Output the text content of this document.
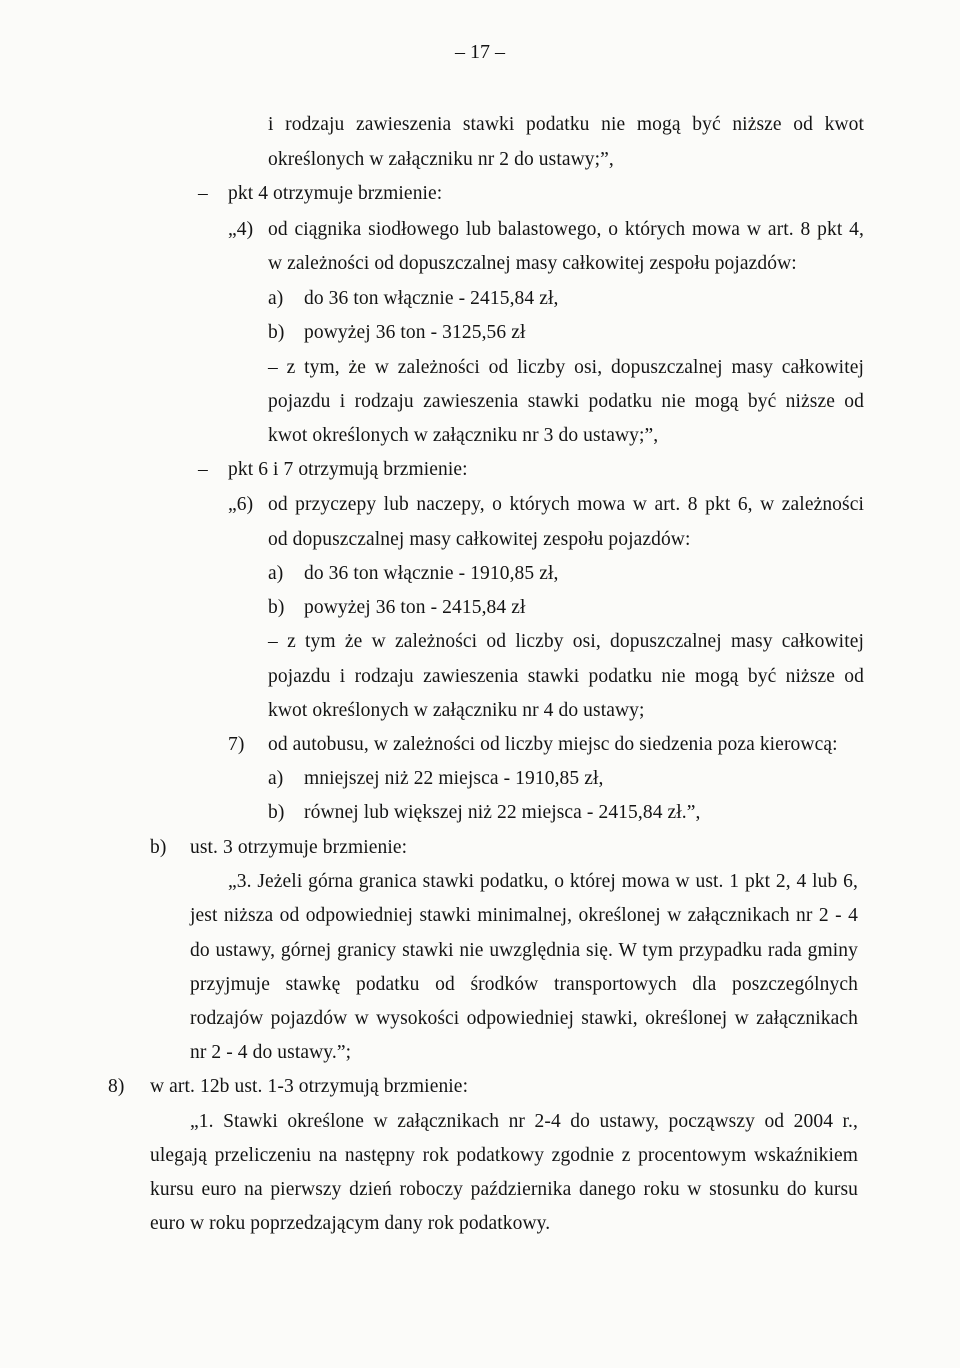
– 17 –
i rodzaju zawieszenia stawki podatku nie mogą być niższe od kwot
określonych w załączniku nr 2 do ustawy;”,
– pkt 4 otrzymuje brzmienie:
„4) od ciągnika siodłowego lub balastowego, o których mowa w art. 8 pkt 4,
w zależności od dopuszczalnej masy całkowitej zespołu pojazdów:
a) do 36 ton włącznie - 2415,84 zł,
b) powyżej 36 ton - 3125,56 zł
– z tym, że w zależności od liczby osi, dopuszczalnej masy całkowitej
pojazdu i rodzaju zawieszenia stawki podatku nie mogą być niższe od
kwot określonych w załączniku nr 3 do ustawy;”,
– pkt 6 i 7 otrzymują brzmienie:
„6) od przyczepy lub naczepy, o których mowa w art. 8 pkt 6, w zależności
od dopuszczalnej masy całkowitej zespołu pojazdów:
a) do 36 ton włącznie - 1910,85 zł,
b) powyżej 36 ton - 2415,84 zł
– z tym że w zależności od liczby osi, dopuszczalnej masy całkowitej
pojazdu i rodzaju zawieszenia stawki podatku nie mogą być niższe od
kwot określonych w załączniku nr 4 do ustawy;
7) od autobusu, w zależności od liczby miejsc do siedzenia poza kierowcą:
a) mniejszej niż 22 miejsca - 1910,85 zł,
b) równej lub większej niż 22 miejsca - 2415,84 zł.”,
b) ust. 3 otrzymuje brzmienie:
„3. Jeżeli górna granica stawki podatku, o której mowa w ust. 1 pkt 2, 4 lub 6,
jest niższa od odpowiedniej stawki minimalnej, określonej w załącznikach nr 2 - 4
do ustawy, górnej granicy stawki nie uwzględnia się. W tym przypadku rada gminy
przyjmuje stawkę podatku od środków transportowych dla poszczególnych
rodzajów pojazdów w wysokości odpowiedniej stawki, określonej w załącznikach
nr 2 - 4 do ustawy.”;
8) w art. 12b ust. 1-3 otrzymują brzmienie:
„1. Stawki określone w załącznikach nr 2-4 do ustawy, począwszy od 2004 r.,
ulegają przeliczeniu na następny rok podatkowy zgodnie z procentowym wskaźnikiem
kursu euro na pierwszy dzień roboczy października danego roku w stosunku do kursu
euro w roku poprzedzającym dany rok podatkowy.
